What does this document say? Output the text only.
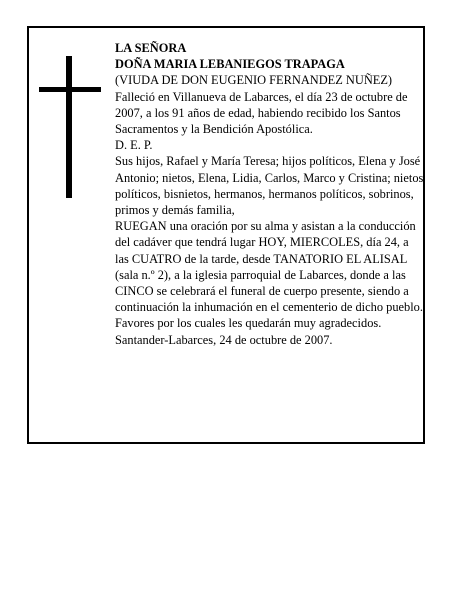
LA SEÑORA

DOÑA MARIA LEBANIEGOS TRAPAGA

(VIUDA DE DON EUGENIO FERNANDEZ NUÑEZ)

Falleció en Villanueva de Labarces, el día 23 de octubre de 2007, a los 91 años de edad, habiendo recibido los Santos Sacramentos y la Bendición Apostólica.

D. E. P.

Sus hijos, Rafael y María Teresa; hijos políticos, Elena y José Antonio; nietos, Elena, Lidia, Carlos, Marco y Cristina; nietos políticos, bisnietos, hermanos, hermanos políticos, sobrinos, primos y demás familia,

RUEGAN una oración por su alma y asistan a la conducción del cadáver que tendrá lugar HOY, MIERCOLES, día 24, a las CUATRO de la tarde, desde TANATORIO EL ALISAL (sala n.º 2), a la iglesia parroquial de Labarces, donde a las CINCO se celebrará el funeral de cuerpo presente, siendo a continuación la inhumación en el cementerio de dicho pueblo. Favores por los cuales les quedarán muy agradecidos.

Santander-Labarces, 24 de octubre de 2007.
